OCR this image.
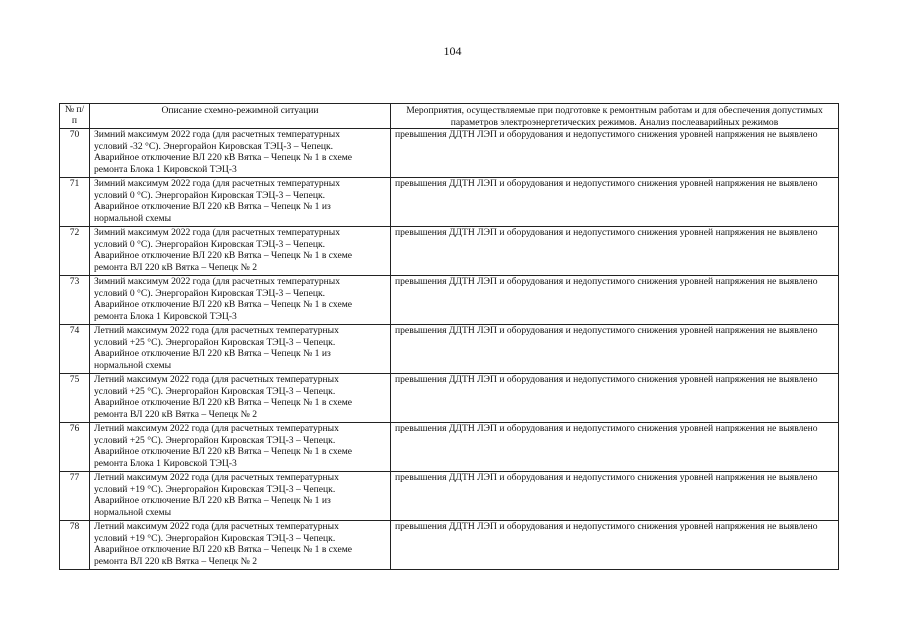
104
№ п/п	Описание схемно-режимной ситуации	Мероприятия, осуществляемые при подготовке к ремонтным работам и для обеспечения допустимых параметров электроэнергетических режимов. Анализ послеаварийных режимов
70	Зимний максимум 2022 года (для расчетных температурных
условий -32 °С). Энергорайон Кировская ТЭЦ-3 – Чепецк.
Аварийное отключение ВЛ 220 кВ Вятка – Чепецк № 1 в схеме
ремонта Блока 1 Кировской ТЭЦ-3	превышения ДДТН ЛЭП и оборудования и недопустимого снижения уровней напряжения не выявлено
71	Зимний максимум 2022 года (для расчетных температурных
условий 0 °С). Энергорайон Кировская ТЭЦ-3 – Чепецк.
Аварийное отключение ВЛ 220 кВ Вятка – Чепецк № 1 из
нормальной схемы	превышения ДДТН ЛЭП и оборудования и недопустимого снижения уровней напряжения не выявлено
72	Зимний максимум 2022 года (для расчетных температурных
условий 0 °С). Энергорайон Кировская ТЭЦ-3 – Чепецк.
Аварийное отключение ВЛ 220 кВ Вятка – Чепецк № 1 в схеме
ремонта ВЛ 220 кВ Вятка – Чепецк № 2	превышения ДДТН ЛЭП и оборудования и недопустимого снижения уровней напряжения не выявлено
73	Зимний максимум 2022 года (для расчетных температурных
условий 0 °С). Энергорайон Кировская ТЭЦ-3 – Чепецк.
Аварийное отключение ВЛ 220 кВ Вятка – Чепецк № 1 в схеме
ремонта Блока 1 Кировской ТЭЦ-3	превышения ДДТН ЛЭП и оборудования и недопустимого снижения уровней напряжения не выявлено
74	Летний максимум 2022 года (для расчетных температурных
условий +25 °С). Энергорайон Кировская ТЭЦ-3 – Чепецк.
Аварийное отключение ВЛ 220 кВ Вятка – Чепецк № 1 из
нормальной схемы	превышения ДДТН ЛЭП и оборудования и недопустимого снижения уровней напряжения не выявлено
75	Летний максимум 2022 года (для расчетных температурных
условий +25 °С). Энергорайон Кировская ТЭЦ-3 – Чепецк.
Аварийное отключение ВЛ 220 кВ Вятка – Чепецк № 1 в схеме
ремонта ВЛ 220 кВ Вятка – Чепецк № 2	превышения ДДТН ЛЭП и оборудования и недопустимого снижения уровней напряжения не выявлено
76	Летний максимум 2022 года (для расчетных температурных
условий +25 °С). Энергорайон Кировская ТЭЦ-3 – Чепецк.
Аварийное отключение ВЛ 220 кВ Вятка – Чепецк № 1 в схеме
ремонта Блока 1 Кировской ТЭЦ-3	превышения ДДТН ЛЭП и оборудования и недопустимого снижения уровней напряжения не выявлено
77	Летний максимум 2022 года (для расчетных температурных
условий +19 °С). Энергорайон Кировская ТЭЦ-3 – Чепецк.
Аварийное отключение ВЛ 220 кВ Вятка – Чепецк № 1 из
нормальной схемы	превышения ДДТН ЛЭП и оборудования и недопустимого снижения уровней напряжения не выявлено
78	Летний максимум 2022 года (для расчетных температурных
условий +19 °С). Энергорайон Кировская ТЭЦ-3 – Чепецк.
Аварийное отключение ВЛ 220 кВ Вятка – Чепецк № 1 в схеме
ремонта ВЛ 220 кВ Вятка – Чепецк № 2	превышения ДДТН ЛЭП и оборудования и недопустимого снижения уровней напряжения не выявлено
